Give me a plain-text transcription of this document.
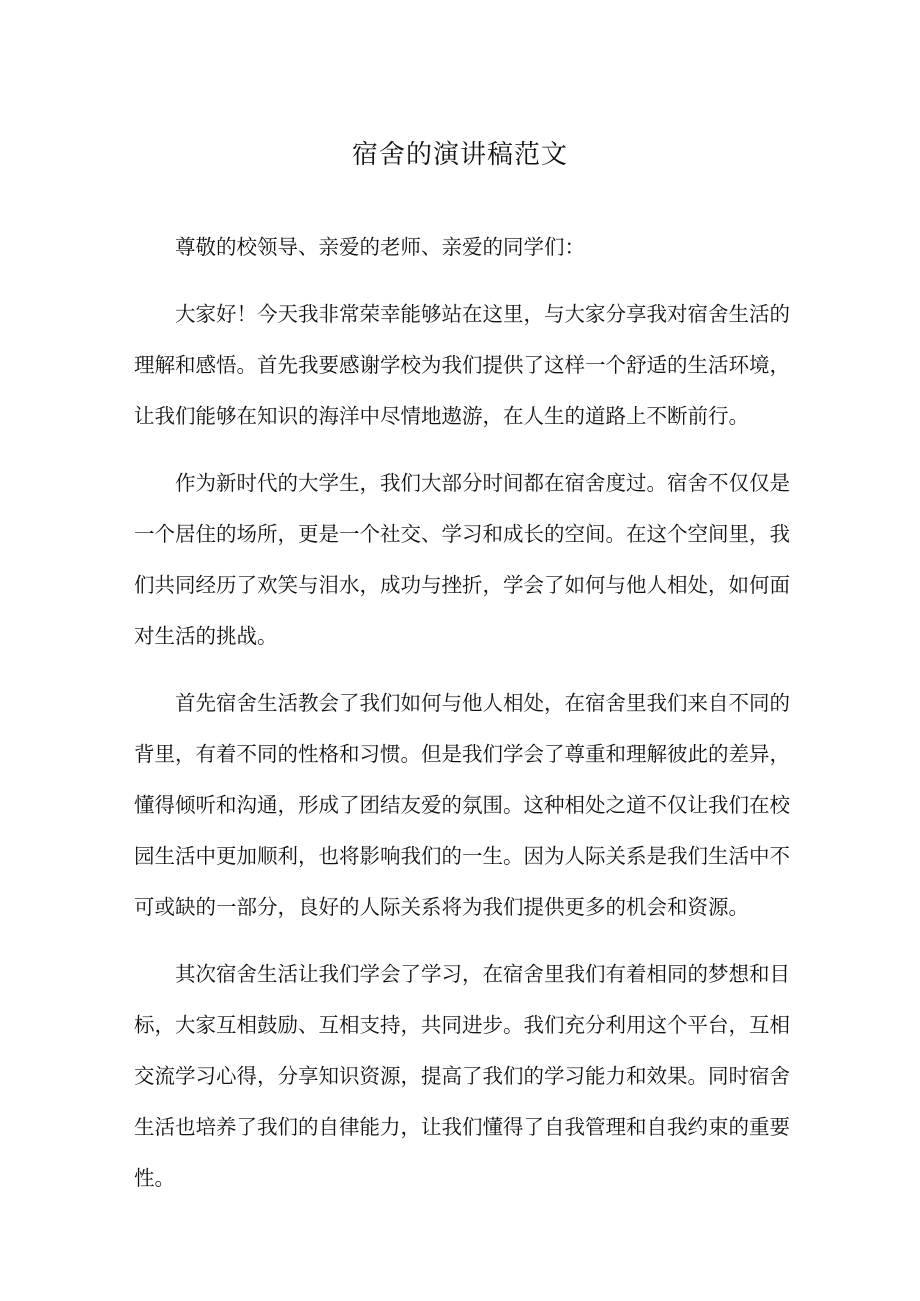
宿舍的演讲稿范文

尊敬的校领导、亲爱的老师、亲爱的同学们：

大家好！今天我非常荣幸能够站在这里，与大家分享我对宿舍生活的理解和感悟。首先我要感谢学校为我们提供了这样一个舒适的生活环境，让我们能够在知识的海洋中尽情地遨游，在人生的道路上不断前行。

作为新时代的大学生，我们大部分时间都在宿舍度过。宿舍不仅仅是一个居住的场所，更是一个社交、学习和成长的空间。在这个空间里，我们共同经历了欢笑与泪水，成功与挫折，学会了如何与他人相处，如何面对生活的挑战。

首先宿舍生活教会了我们如何与他人相处，在宿舍里我们来自不同的背里，有着不同的性格和习惯。但是我们学会了尊重和理解彼此的差异，懂得倾听和沟通，形成了团结友爱的氛围。这种相处之道不仅让我们在校园生活中更加顺利，也将影响我们的一生。因为人际关系是我们生活中不可或缺的一部分，良好的人际关系将为我们提供更多的机会和资源。

其次宿舍生活让我们学会了学习，在宿舍里我们有着相同的梦想和目标，大家互相鼓励、互相支持，共同进步。我们充分利用这个平台，互相交流学习心得，分享知识资源，提高了我们的学习能力和效果。同时宿舍生活也培养了我们的自律能力，让我们懂得了自我管理和自我约束的重要性。
